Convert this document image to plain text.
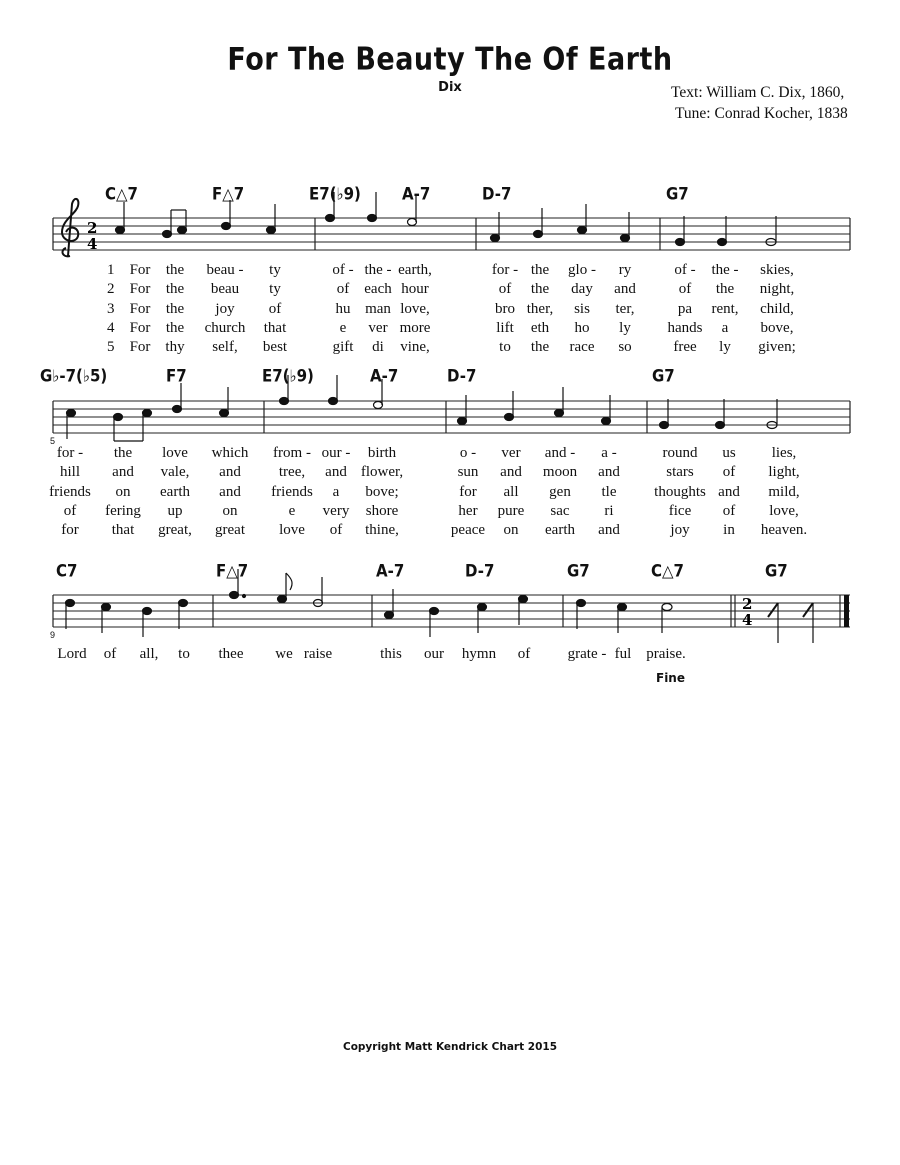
For The Beauty The Of Earth
Dix	Text: William C. Dix, 1860,
Tune: Conrad Kocher, 1838
C△7	F△7	E7(♭9)	A-7	D-7	G7
G♭-7(♭5)	F7	E7(♭9)	A-7	D-7	G7
C7	F△7	A-7	D-7	G7	C△7	G7
2
4
2
4
5
9
For the beau - ty	of - the - earth,	for - the glo - ry	of - the - skies,
1
For the beau ty	of each hour	of the day and	of the night,
2
For the joy of	hu man love,	bro ther, sis ter,	pa rent, child,
3
For the church that	e ver more	lift eth ho ly hands a bove,
4
For thy self, best	gift di vine,	to the race so	free ly given;
5
for - the love which from - our - birth	o - ver and - a -	round us lies,
hill and vale, and	tree, and flower,	sun and moon and	stars of light,
friends on earth and friends a bove;	for all gen tle	thoughts and mild,
of fering up	on	e very shore	her pure sac ri	fice of love,
for that great, great love of thine,	peace on earth and	joy in heaven.
Lord of all, to thee we raise	this our hymn of grate - ful praise.
Fine
Copyright Matt Kendrick Chart 2015
